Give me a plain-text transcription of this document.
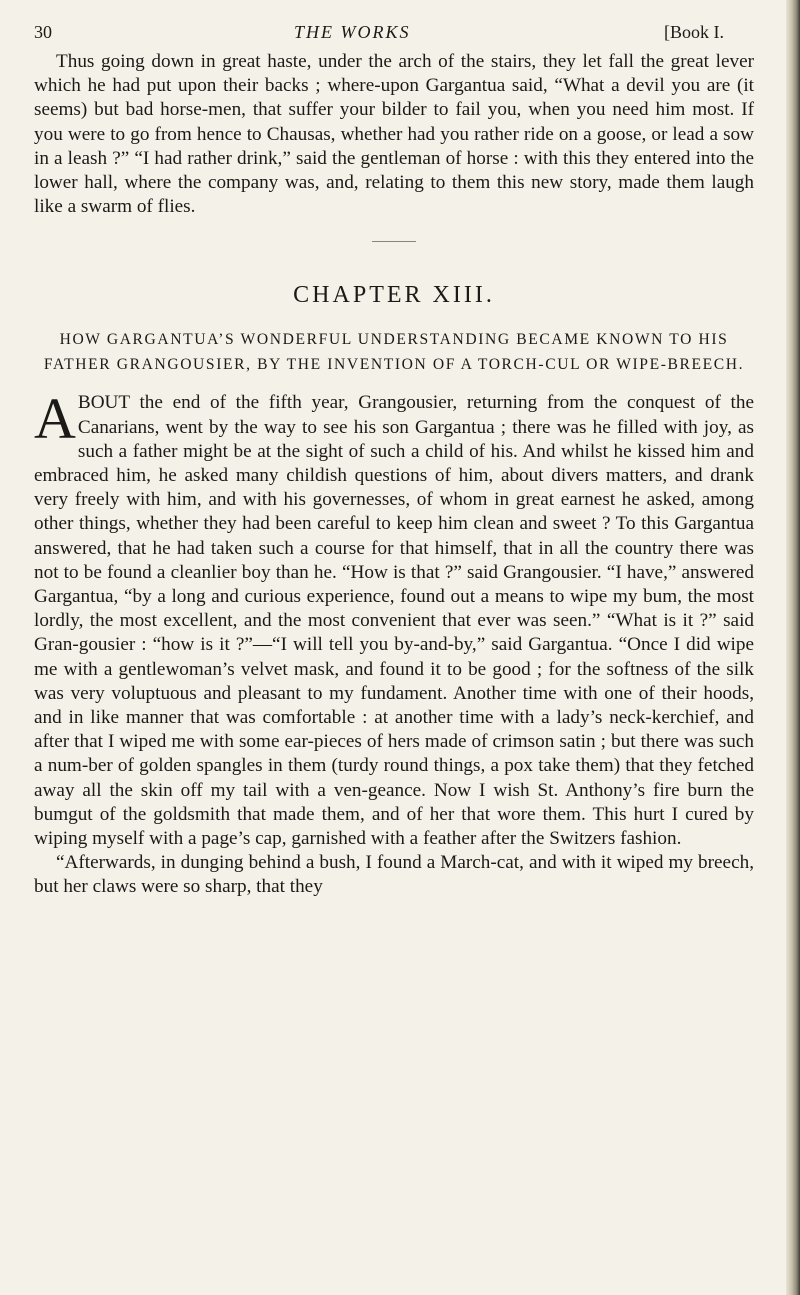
30	THE WORKS	[Book I.

Thus going down in great haste, under the arch of the stairs, they let fall the great lever which he had put upon their backs ; where-upon Gargantua said, “What a devil you are (it seems) but bad horse-men, that suffer your bilder to fail you, when you need him most. If you were to go from hence to Chausas, whether had you rather ride on a goose, or lead a sow in a leash ?” “I had rather drink,” said the gentleman of horse : with this they entered into the lower hall, where the company was, and, relating to them this new story, made them laugh like a swarm of flies.

CHAPTER XIII.
HOW GARGANTUA’S WONDERFUL UNDERSTANDING BECAME KNOWN TO HIS FATHER GRANGOUSIER, BY THE INVENTION OF A TORCH-CUL OR WIPE-BREECH.

ABOUT the end of the fifth year, Grangousier, returning from the conquest of the Canarians, went by the way to see his son Gargantua ; there was he filled with joy, as such a father might be at the sight of such a child of his. And whilst he kissed him and embraced him, he asked many childish questions of him, about divers matters, and drank very freely with him, and with his governesses, of whom in great earnest he asked, among other things, whether they had been careful to keep him clean and sweet ? To this Gargantua answered, that he had taken such a course for that himself, that in all the country there was not to be found a cleanlier boy than he. “How is that ?” said Grangousier. “I have,” answered Gargantua, “by a long and curious experience, found out a means to wipe my bum, the most lordly, the most excellent, and the most convenient that ever was seen.” “What is it ?” said Gran-gousier : “how is it ?”—“I will tell you by-and-by,” said Gargantua. “Once I did wipe me with a gentlewoman’s velvet mask, and found it to be good ; for the softness of the silk was very voluptuous and pleasant to my fundament. Another time with one of their hoods, and in like manner that was comfortable : at another time with a lady’s neck-kerchief, and after that I wiped me with some ear-pieces of hers made of crimson satin ; but there was such a num-ber of golden spangles in them (turdy round things, a pox take them) that they fetched away all the skin off my tail with a ven-geance. Now I wish St. Anthony’s fire burn the bumgut of the goldsmith that made them, and of her that wore them. This hurt I cured by wiping myself with a page’s cap, garnished with a feather after the Switzers fashion.

“Afterwards, in dunging behind a bush, I found a March-cat, and with it wiped my breech, but her claws were so sharp, that they
